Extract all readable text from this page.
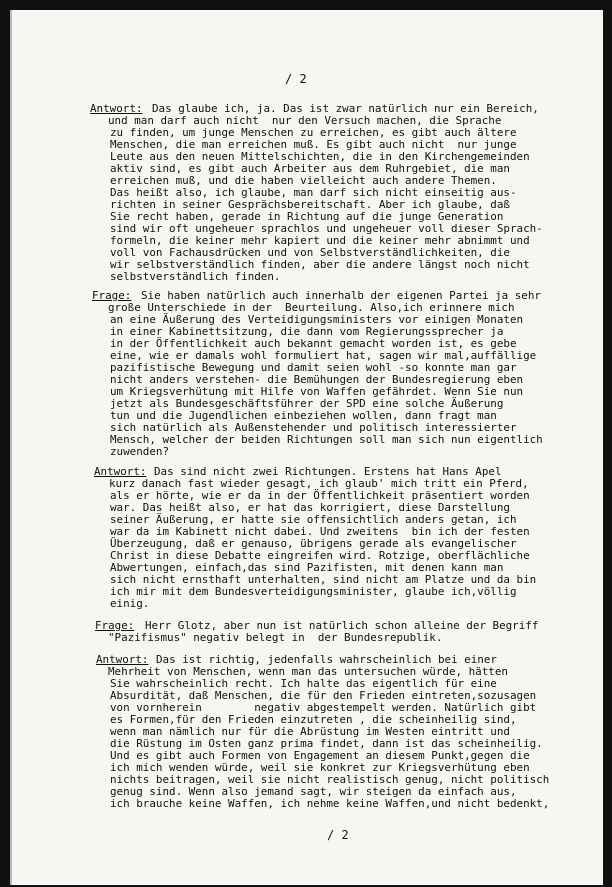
/ 2
Antwort: Das glaube ich, ja. Das ist zwar natürlich nur ein Bereich,
und man darf auch nicht  nur den Versuch machen, die Sprache
zu finden, um junge Menschen zu erreichen, es gibt auch ältere
Menschen, die man erreichen muß. Es gibt auch nicht  nur junge
Leute aus den neuen Mittelschichten, die in den Kirchengemeinden
aktiv sind, es gibt auch Arbeiter aus dem Ruhrgebiet, die man
erreichen muß, und die haben vielleicht auch andere Themen.
Das heißt also, ich glaube, man darf sich nicht einseitig aus-
richten in seiner Gesprächsbereitschaft. Aber ich glaube, daß
Sie recht haben, gerade in Richtung auf die junge Generation
sind wir oft ungeheuer sprachlos und ungeheuer voll dieser Sprach-
formeln, die keiner mehr kapiert und die keiner mehr abnimmt und
voll von Fachausdrücken und von Selbstverständlichkeiten, die
wir selbstverständlich finden, aber die andere längst noch nicht
selbstverständlich finden.
Frage: Sie haben natürlich auch innerhalb der eigenen Partei ja sehr
große Unterschiede in der  Beurteilung. Also,ich erinnere mich
an eine Äußerung des Verteidigungsministers vor einigen Monaten
in einer Kabinettsitzung, die dann vom Regierungssprecher ja
in der Öffentlichkeit auch bekannt gemacht worden ist, es gebe
eine, wie er damals wohl formuliert hat, sagen wir mal,auffällige
pazifistische Bewegung und damit seien wohl -so konnte man gar
nicht anders verstehen- die Bemühungen der Bundesregierung eben
um Kriegsverhütung mit Hilfe von Waffen gefährdet. Wenn Sie nun
jetzt als Bundesgeschäftsführer der SPD eine solche Äußerung
tun und die Jugendlichen einbeziehen wollen, dann fragt man
sich natürlich als Außenstehender und politisch interessierter
Mensch, welcher der beiden Richtungen soll man sich nun eigentlich
zuwenden?
Antwort: Das sind nicht zwei Richtungen. Erstens hat Hans Apel
kurz danach fast wieder gesagt, ich glaub' mich tritt ein Pferd,
als er hörte, wie er da in der Öffentlichkeit präsentiert worden
war. Das heißt also, er hat das korrigiert, diese Darstellung
seiner Äußerung, er hatte sie offensichtlich anders getan, ich
war da im Kabinett nicht dabei. Und zweitens  bin ich der festen
Überzeugung, daß er genauso, übrigens gerade als evangelischer
Christ in diese Debatte eingreifen wird. Rotzige, oberflächliche
Abwertungen, einfach,das sind Pazifisten, mit denen kann man
sich nicht ernsthaft unterhalten, sind nicht am Platze und da bin
ich mir mit dem Bundesverteidigungsminister, glaube ich,völlig
einig.
Frage: Herr Glotz, aber nun ist natürlich schon alleine der Begriff
"Pazifismus" negativ belegt in  der Bundesrepublik.
Antwort: Das ist richtig, jedenfalls wahrscheinlich bei einer
Mehrheit von Menschen, wenn man das untersuchen würde, hätten
Sie wahrscheinlich recht. Ich halte das eigentlich für eine
Absurdität, daß Menschen, die für den Frieden eintreten,sozusagen
von vornherein        negativ abgestempelt werden. Natürlich gibt
es Formen,für den Frieden einzutreten , die scheinheilig sind,
wenn man nämlich nur für die Abrüstung im Westen eintritt und
die Rüstung im Osten ganz prima findet, dann ist das scheinheilig.
Und es gibt auch Formen von Engagement an diesem Punkt,gegen die
ich mich wenden würde, weil sie konkret zur Kriegsverhütung eben
nichts beitragen, weil sie nicht realistisch genug, nicht politisch
genug sind. Wenn also jemand sagt, wir steigen da einfach aus,
ich brauche keine Waffen, ich nehme keine Waffen,und nicht bedenkt,
/ 2
